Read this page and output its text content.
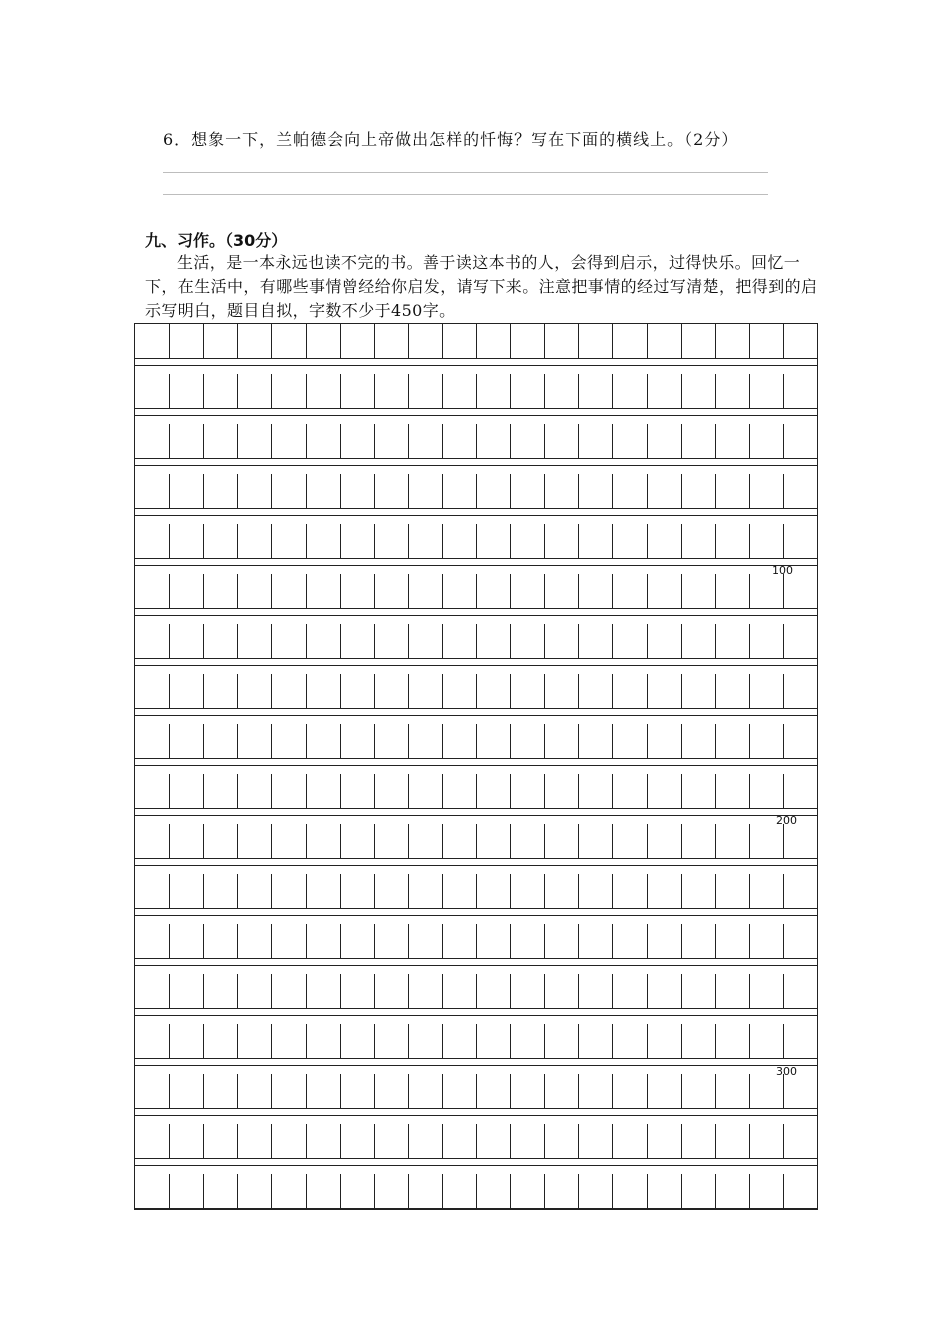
6．想象一下，兰帕德会向上帝做出怎样的忏悔？写在下面的横线上。（2分）
九、习作。（30分）
生活，是一本永远也读不完的书。善于读这本书的人，会得到启示，过得快乐。回忆一下，在生活中，有哪些事情曾经给你启发，请写下来。注意把事情的经过写清楚，把得到的启示写明白，题目自拟，字数不少于450字。
100
200
300
